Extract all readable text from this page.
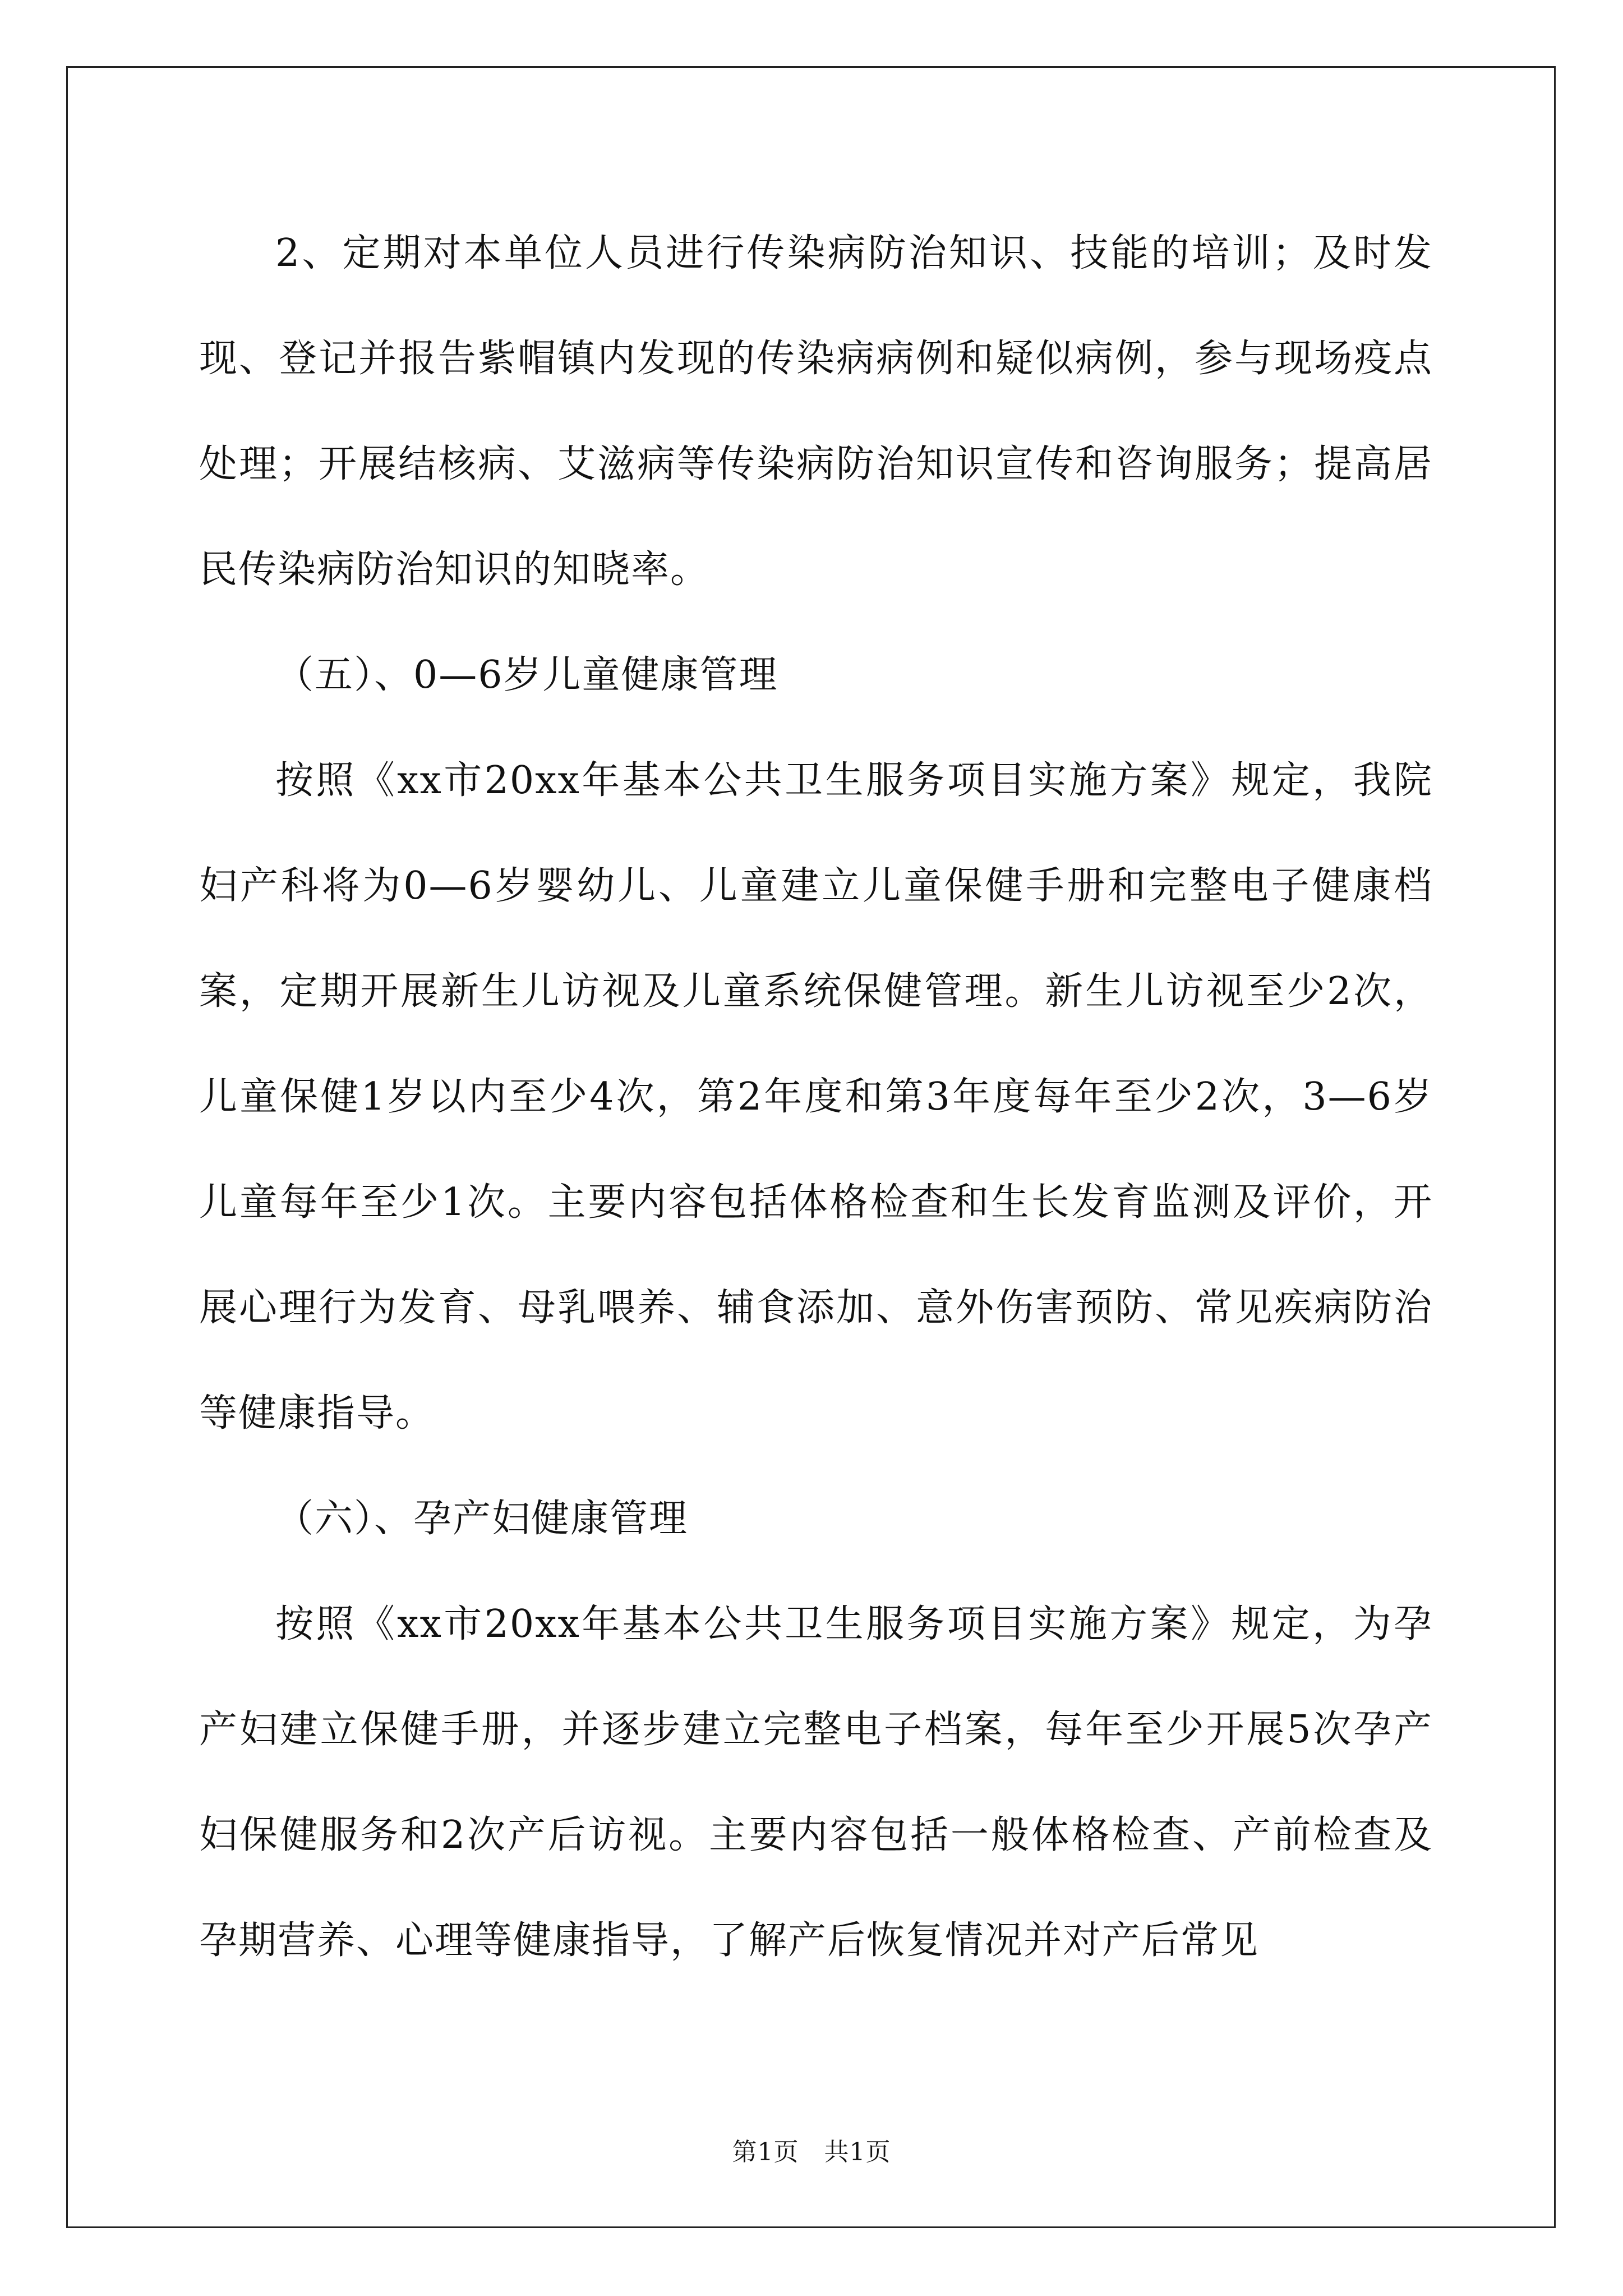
2、定期对本单位人员进行传染病防治知识、技能的培训；及时发现、登记并报告紫帽镇内发现的传染病病例和疑似病例，参与现场疫点处理；开展结核病、艾滋病等传染病防治知识宣传和咨询服务；提高居民传染病防治知识的知晓率。

（五）、0—6岁儿童健康管理

按照《xx市20xx年基本公共卫生服务项目实施方案》规定，我院妇产科将为0—6岁婴幼儿、儿童建立儿童保健手册和完整电子健康档案，定期开展新生儿访视及儿童系统保健管理。新生儿访视至少2次，儿童保健1岁以内至少4次，第2年度和第3年度每年至少2次，3—6岁儿童每年至少1次。主要内容包括体格检查和生长发育监测及评价，开展心理行为发育、母乳喂养、辅食添加、意外伤害预防、常见疾病防治等健康指导。

（六）、孕产妇健康管理

按照《xx市20xx年基本公共卫生服务项目实施方案》规定，为孕产妇建立保健手册，并逐步建立完整电子档案，每年至少开展5次孕产妇保健服务和2次产后访视。主要内容包括一般体格检查、产前检查及孕期营养、心理等健康指导，了解产后恢复情况并对产后常见

第1页　共1页
